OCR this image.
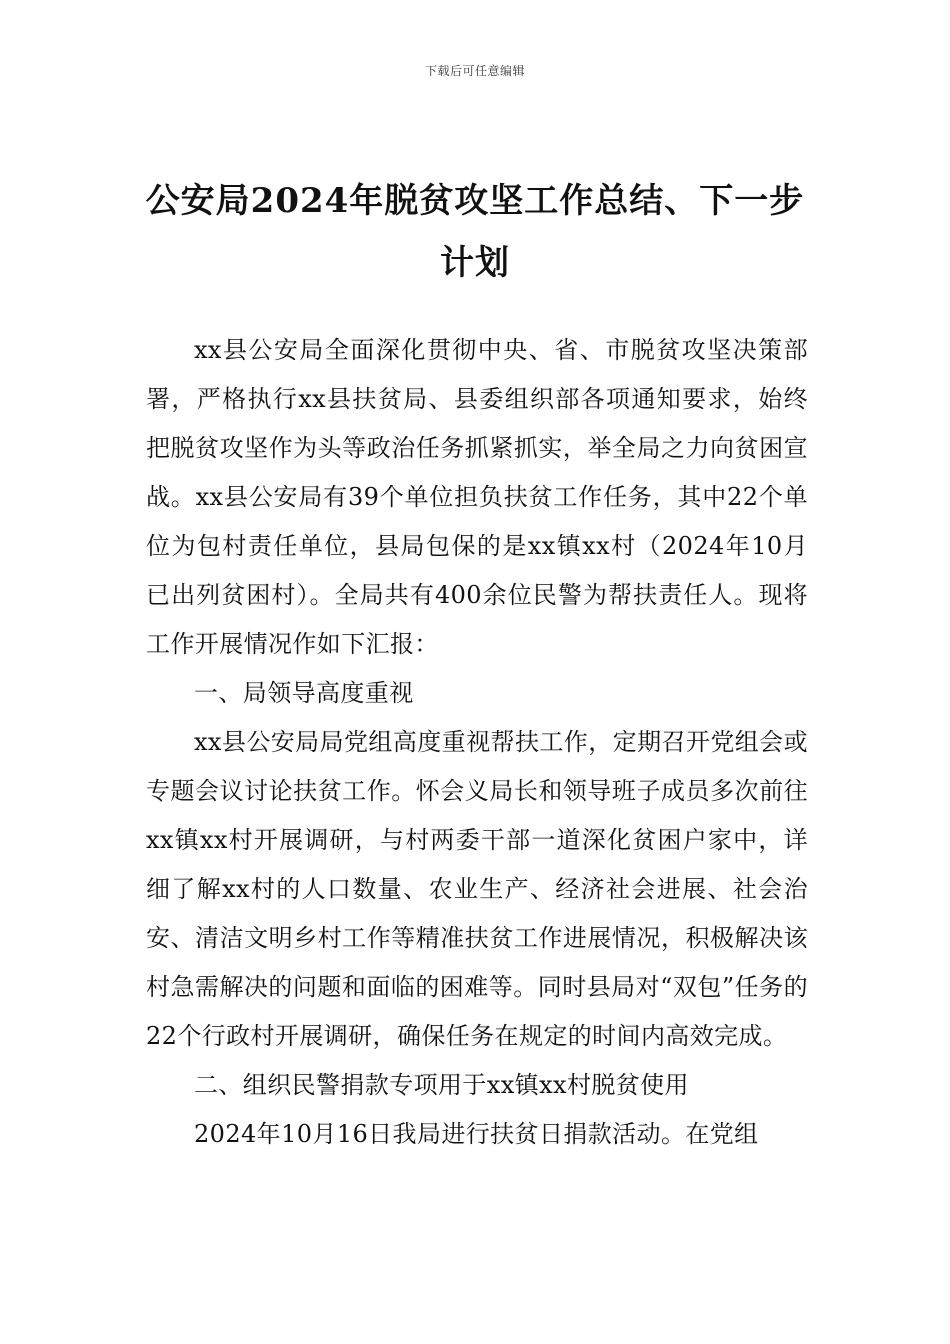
下载后可任意编辑
公安局2024年脱贫攻坚工作总结、下一步计划

xx县公安局全面深化贯彻中央、省、市脱贫攻坚决策部署，严格执行xx县扶贫局、县委组织部各项通知要求，始终把脱贫攻坚作为头等政治任务抓紧抓实，举全局之力向贫困宣战。xx县公安局有39个单位担负扶贫工作任务，其中22个单位为包村责任单位，县局包保的是xx镇xx村（2024年10月已出列贫困村）。全局共有400余位民警为帮扶责任人。现将工作开展情况作如下汇报：

一、局领导高度重视

xx县公安局局党组高度重视帮扶工作，定期召开党组会或专题会议讨论扶贫工作。怀会义局长和领导班子成员多次前往xx镇xx村开展调研，与村两委干部一道深化贫困户家中，详细了解xx村的人口数量、农业生产、经济社会进展、社会治安、清洁文明乡村工作等精准扶贫工作进展情况，积极解决该村急需解决的问题和面临的困难等。同时县局对“双包”任务的22个行政村开展调研，确保任务在规定的时间内高效完成。

二、组织民警捐款专项用于xx镇xx村脱贫使用

2024年10月16日我局进行扶贫日捐款活动。在党组
